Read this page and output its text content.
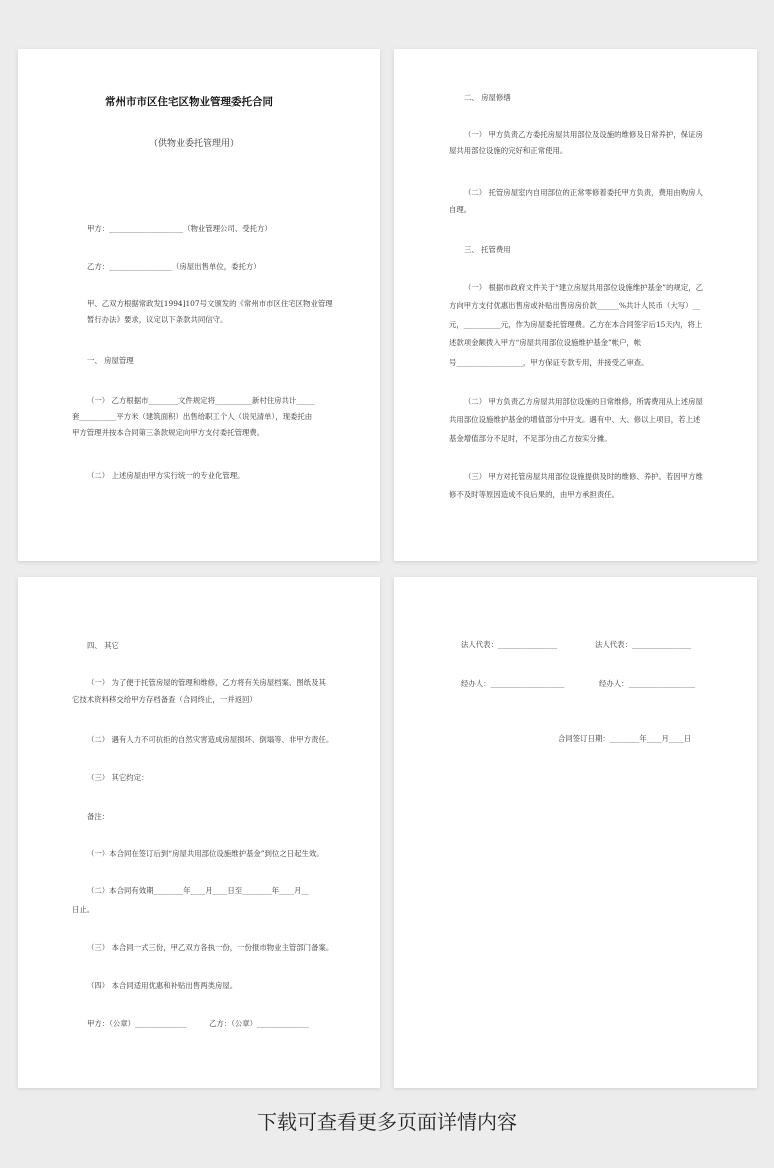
常州市市区住宅区物业管理委托合同
（供物业委托管理用）
甲方：____________________（物业管理公司、受托方）
乙方：_________________（房屋出售单位，委托方）
甲、乙双方根据常政发[1994]107号文颁发的《常州市市区住宅区物业管理
暂行办法》要求，议定以下条款共同信守。
一、 房屋管理
（一） 乙方根据市________文件规定将__________新村住房共计_____
套__________平方米（建筑面积）出售给职工个人（说见清单），现委托由
甲方管理并按本合同第三条款规定向甲方支付委托管理费。
（二） 上述房屋由甲方实行统一的专业化管理。
二、 房屋修缮
（一） 甲方负责乙方委托房屋共用部位及设施的维修及日常养护，保证房
屋共用部位设施的完好和正常使用。
（二） 托管房屋室内自用部位的正常零修着委托甲方负责，费用由购房人
自理。
三、 托管费用
（一） 根据市政府文件关于“建立房屋共用部位设施维护基金”的规定，乙
方向甲方支付优惠出售房或补贴出售房房价款______%共计人民币（大写）__
元，__________元，作为房屋委托管理费。乙方在本合同签字后15天内，将上
述款项金额拨入甲方“房屋共用部位设施维护基金”帐户，帐
号__________________，甲方保证专款专用，并接受乙审查。
（二） 甲方负责乙方房屋共用部位设施的日常维修，所需费用从上述房屋
共用部位设施维护基金的增值部分中开支。遇有中、大、修以上项目，若上述
基金增值部分不足时，不足部分由乙方按实分摊。
（三） 甲方对托管房屋共用部位设施提供及时的维修、养护。若因甲方维
修不及时等原因造成不良后果的，由甲方承担责任。
四、 其它
（一） 为了便于托管房屋的管理和维修，乙方将有关房屋档案、图纸及其
它技术资料移交给甲方存档备查（合同终止，一并返回）
（二） 遇有人力不可抗拒的自然灾害造成房屋损坏、倒塌等、非甲方责任。
（三） 其它约定：
备注：
（一）本合同在签订后到“房屋共用部位设施维护基金”到位之日起生效。
（二）本合同有效期________年____月____日至________年____月__
日止。
（三） 本合同一式三份，甲乙双方各执一份，一份报市物业主管部门备案。
（四） 本合同适用优惠和补贴出售两类房屋。
甲方：（公章）______________	乙方：（公章）______________
法人代表：________________	法人代表：________________
经办人：____________________	经办人：__________________
合同签订日期：________年____月____日
下载可查看更多页面详情内容
